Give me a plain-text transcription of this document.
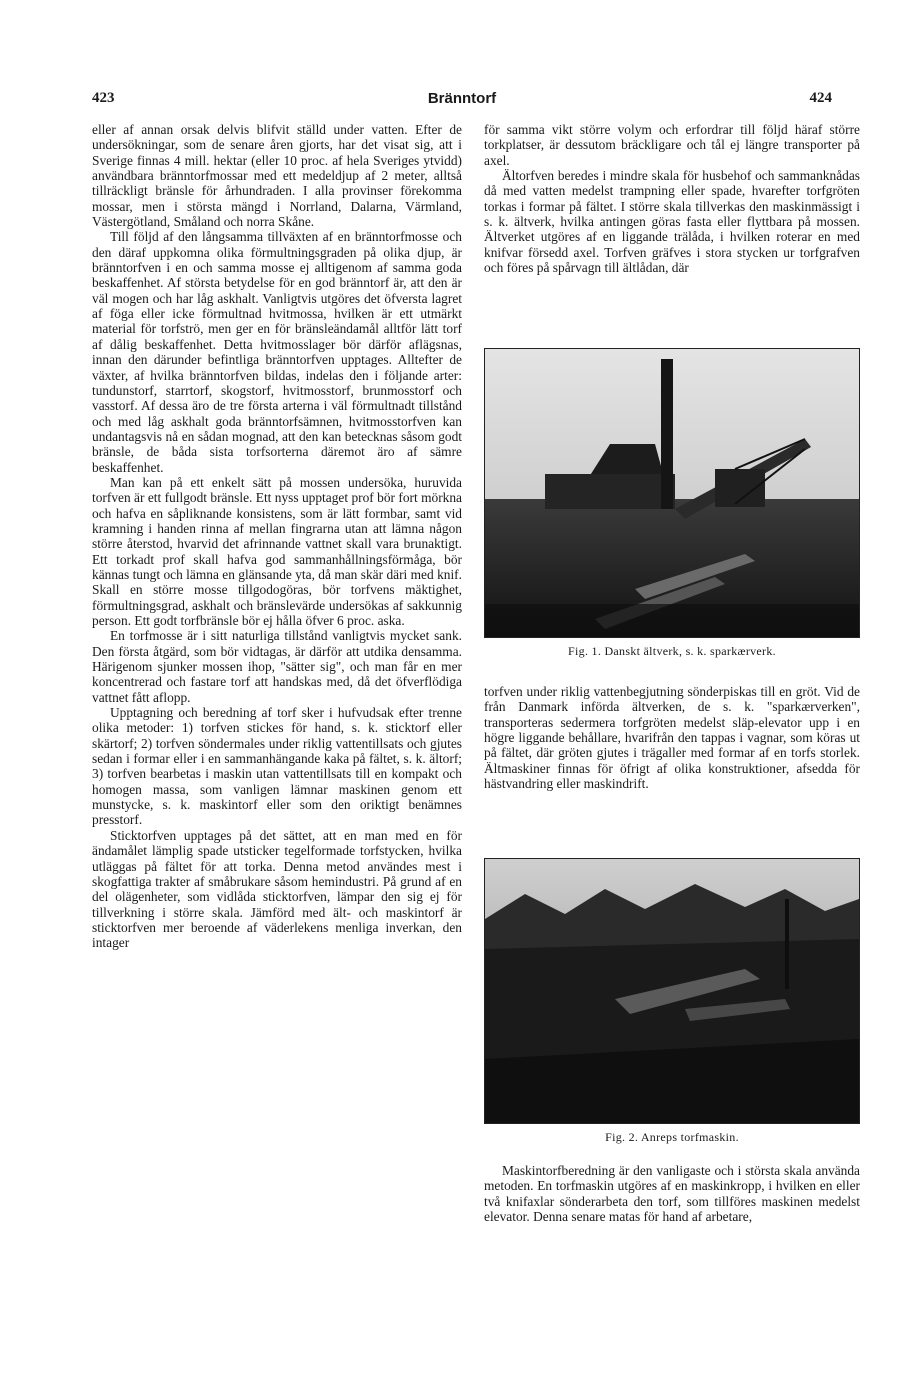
423	Bränntorf	424

eller af annan orsak delvis blifvit ställd under vatten. Efter de undersökningar, som de senare åren gjorts, har det visat sig, att i Sverige finnas 4 mill. hektar (eller 10 proc. af hela Sveriges ytvidd) användbara bränntorfmossar med ett medeldjup af 2 meter, alltså tillräckligt bränsle för århundraden. I alla provinser förekomma mossar, men i största mängd i Norrland, Dalarna, Värmland, Västergötland, Småland och norra Skåne.

Till följd af den långsamma tillväxten af en bränntorfmosse och den däraf uppkomna olika förmultningsgraden på olika djup, är bränntorfven i en och samma mosse ej alltigenom af samma goda beskaffenhet. Af största betydelse för en god bränntorf är, att den är väl mogen och har låg askhalt. Vanligtvis utgöres det öfversta lagret af föga eller icke förmultnad hvitmossa, hvilken är ett utmärkt material för torfströ, men ger en för bränsleändamål alltför lätt torf af dålig beskaffenhet. Detta hvitmosslager bör därför aflägsnas, innan den därunder befintliga bränntorfven upptages. Alltefter de växter, af hvilka bränntorfven bildas, indelas den i följande arter: tundunstorf, starrtorf, skogstorf, hvitmosstorf, brunmosstorf och vasstorf. Af dessa äro de tre första arterna i väl förmultnadt tillstånd och med låg askhalt goda bränntorfsämnen, hvitmosstorfven kan undantagsvis nå en sådan mognad, att den kan betecknas såsom godt bränsle, de båda sista torfsorterna däremot äro af sämre beskaffenhet.

Man kan på ett enkelt sätt på mossen undersöka, huruvida torfven är ett fullgodt bränsle. Ett nyss upptaget prof bör fort mörkna och hafva en såpliknande konsistens, som är lätt formbar, samt vid kramning i handen rinna af mellan fingrarna utan att lämna någon större återstod, hvarvid det afrinnande vattnet skall vara brunaktigt. Ett torkadt prof skall hafva god sammanhållningsförmåga, bör kännas tungt och lämna en glänsande yta, då man skär däri med knif. Skall en större mosse tillgodogöras, bör torfvens mäktighet, förmultningsgrad, askhalt och bränslevärde undersökas af sakkunnig person. Ett godt torfbränsle bör ej hålla öfver 6 proc. aska.

En torfmosse är i sitt naturliga tillstånd vanligtvis mycket sank. Den första åtgärd, som bör vidtagas, är därför att utdika densamma. Härigenom sjunker mossen ihop, "sätter sig", och man får en mer koncentrerad och fastare torf att handskas med, då det öfverflödiga vattnet fått aflopp.

Upptagning och beredning af torf sker i hufvudsak efter trenne olika metoder: 1) torfven stickes för hand, s. k. sticktorf eller skärtorf; 2) torfven söndermales under riklig vattentillsats och gjutes sedan i formar eller i en sammanhängande kaka på fältet, s. k. ältorf; 3) torfven bearbetas i maskin utan vattentillsats till en kompakt och homogen massa, som vanligen lämnar maskinen genom ett munstycke, s. k. maskintorf eller som den oriktigt benämnes presstorf.

Sticktorfven upptages på det sättet, att en man med en för ändamålet lämplig spade utsticker tegelformade torfstycken, hvilka utläggas på fältet för att torka. Denna metod användes mest i skogfattiga trakter af småbrukare såsom hemindustri. På grund af en del olägenheter, som vidlåda sticktorfven, lämpar den sig ej för tillverkning i större skala. Jämförd med ält- och maskintorf är sticktorfven mer beroende af väderlekens menliga inverkan, den intager

för samma vikt större volym och erfordrar till följd häraf större torkplatser, är dessutom bräckligare och tål ej längre transporter på axel.

Ältorfven beredes i mindre skala för husbehof och sammanknådas då med vatten medelst trampning eller spade, hvarefter torfgröten torkas i formar på fältet. I större skala tillverkas den maskinmässigt i s. k. ältverk, hvilka antingen göras fasta eller flyttbara på mossen. Ältverket utgöres af en liggande trälåda, i hvilken roterar en med knifvar försedd axel. Torfven gräfves i stora stycken ur torfgrafven och föres på spårvagn till ältlådan, där

Fig. 1. Danskt ältverk, s. k. sparkærverk.

torfven under riklig vattenbegjutning sönderpiskas till en gröt. Vid de från Danmark införda ältverken, de s. k. "sparkærverken", transporteras sedermera torfgröten medelst släp-elevator upp i en högre liggande behållare, hvarifrån den tappas i vagnar, som köras ut på fältet, där gröten gjutes i trägaller med formar af en torfs storlek. Ältmaskiner finnas för öfrigt af olika konstruktioner, afsedda för hästvandring eller maskindrift.

Fig. 2. Anreps torfmaskin.

Maskintorfberedning är den vanligaste och i största skala använda metoden. En torfmaskin utgöres af en maskinkropp, i hvilken en eller två knifaxlar sönderarbeta den torf, som tillföres maskinen medelst elevator. Denna senare matas för hand af arbetare,
